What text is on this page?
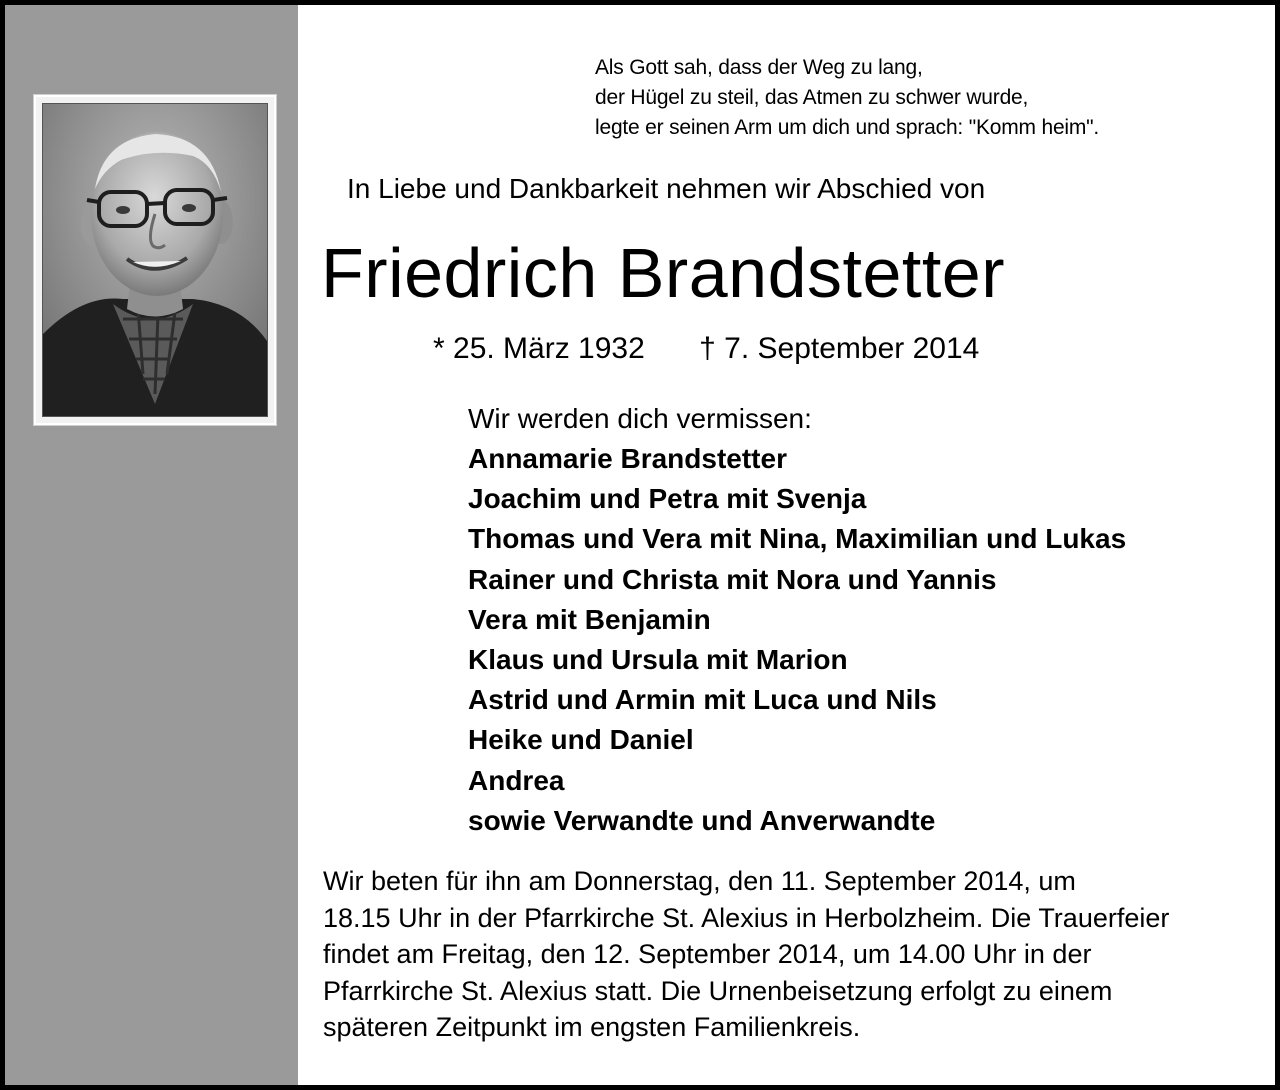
Als Gott sah, dass der Weg zu lang,
der Hügel zu steil, das Atmen zu schwer wurde,
legte er seinen Arm um dich und sprach: "Komm heim".
In Liebe und Dankbarkeit nehmen wir Abschied von
Friedrich Brandstetter
* 25. März 1932 † 7. September 2014
Wir werden dich vermissen:
Annamarie Brandstetter
Joachim und Petra mit Svenja
Thomas und Vera mit Nina, Maximilian und Lukas
Rainer und Christa mit Nora und Yannis
Vera mit Benjamin
Klaus und Ursula mit Marion
Astrid und Armin mit Luca und Nils
Heike und Daniel
Andrea
sowie Verwandte und Anverwandte
Wir beten für ihn am Donnerstag, den 11. September 2014, um
18.15 Uhr in der Pfarrkirche St. Alexius in Herbolzheim. Die Trauerfeier
findet am Freitag, den 12. September 2014, um 14.00 Uhr in der
Pfarrkirche St. Alexius statt. Die Urnenbeisetzung erfolgt zu einem
späteren Zeitpunkt im engsten Familienkreis.
